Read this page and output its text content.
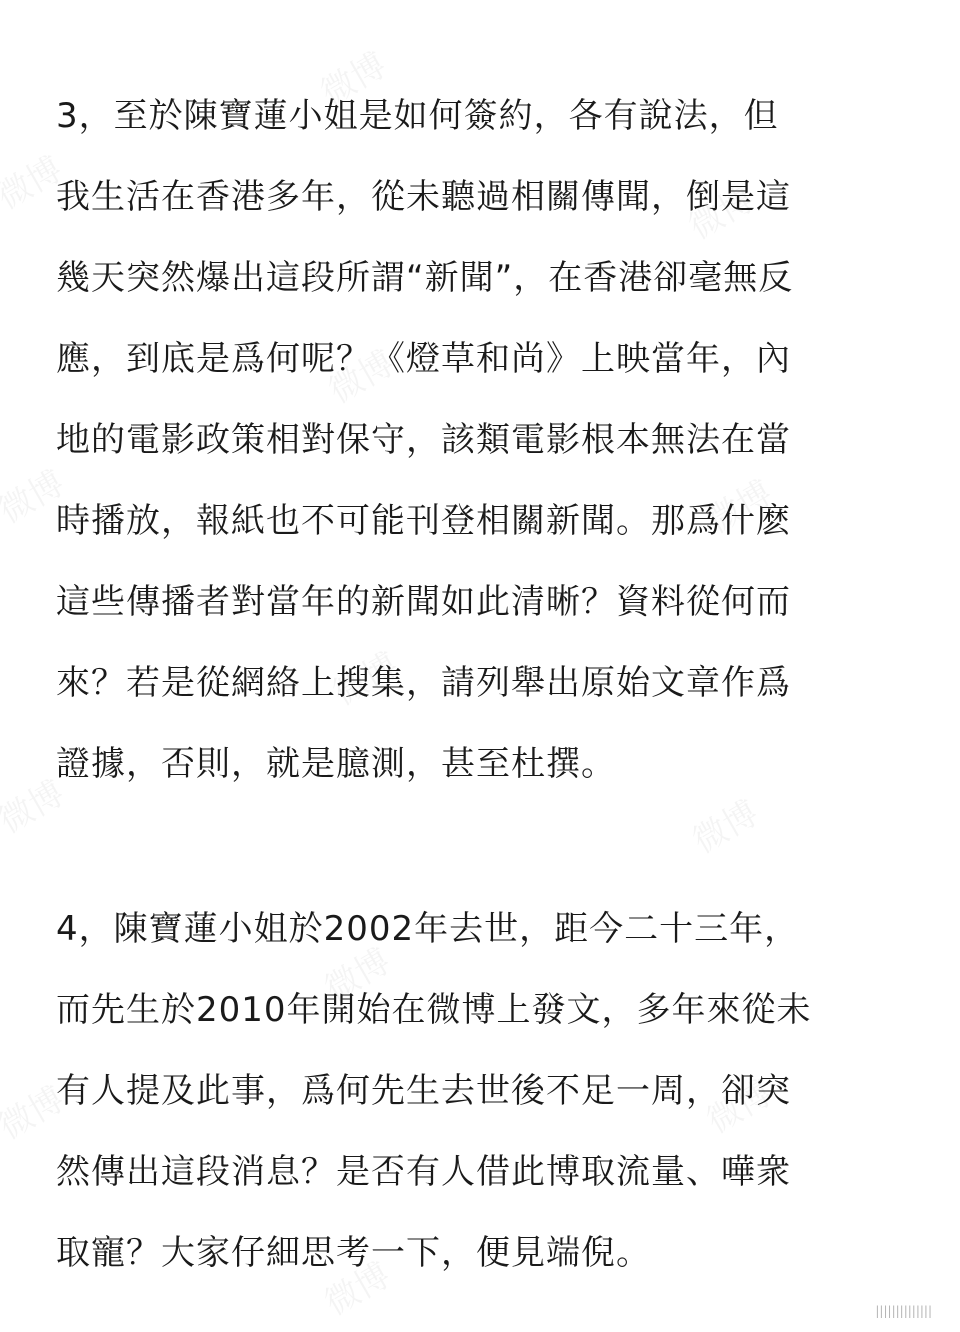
3，至於陳寶蓮小姐是如何簽約，各有說法，但
我生活在香港多年，從未聽過相關傳聞，倒是這
幾天突然爆出這段所謂“新聞”，在香港卻毫無反
應，到底是爲何呢？《燈草和尚》上映當年，內
地的電影政策相對保守，該類電影根本無法在當
時播放，報紙也不可能刊登相關新聞。那爲什麽
這些傳播者對當年的新聞如此清晰？資料從何而
來？若是從網絡上搜集，請列舉出原始文章作爲
證據，否則，就是臆測，甚至杜撰。

4，陳寶蓮小姐於2002年去世，距今二十三年，
而先生於2010年開始在微博上發文，多年來從未
有人提及此事，爲何先生去世後不足一周，卻突
然傳出這段消息？是否有人借此博取流量、嘩衆
取寵？大家仔細思考一下，便見端倪。

||||||||||||||
